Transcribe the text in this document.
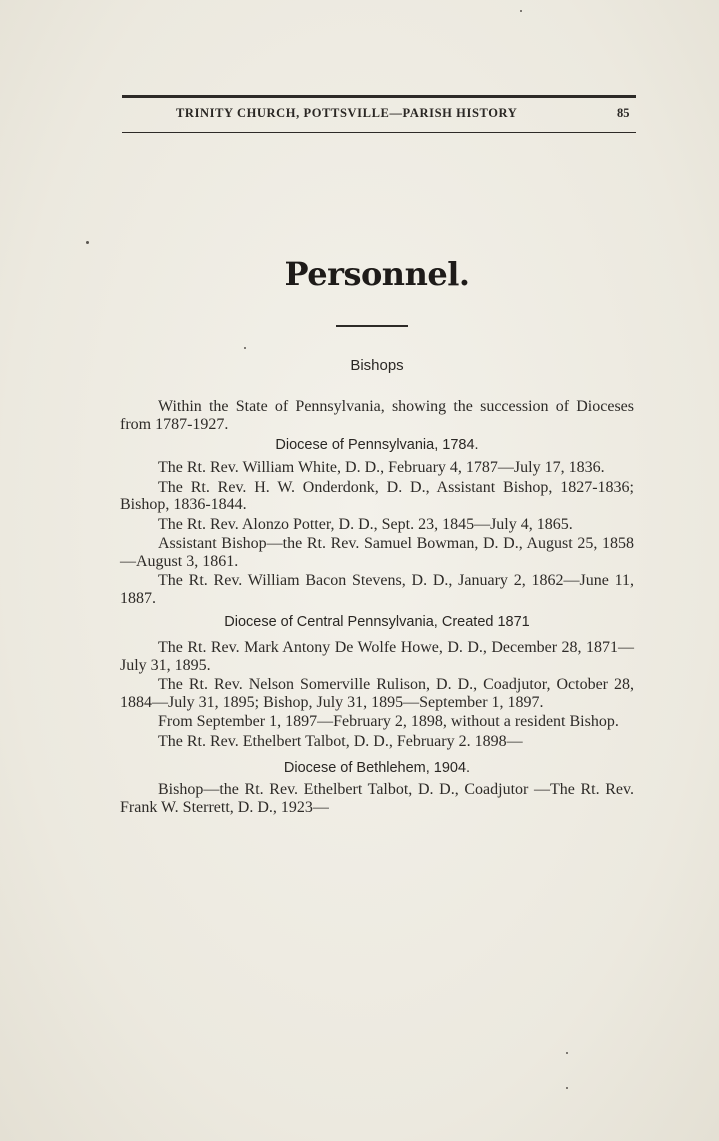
TRINITY CHURCH, POTTSVILLE—PARISH HISTORY	85
Personnel.
Bishops

Within the State of Pennsylvania, showing the succession of Dioceses from 1787-1927.

Diocese of Pennsylvania, 1784.

The Rt. Rev. William White, D. D., February 4, 1787—July 17, 1836.

The Rt. Rev. H. W. Onderdonk, D. D., Assistant Bishop, 1827-1836; Bishop, 1836-1844.

The Rt. Rev. Alonzo Potter, D. D., Sept. 23, 1845—July 4, 1865.

Assistant Bishop—the Rt. Rev. Samuel Bowman, D. D., August 25, 1858—August 3, 1861.

The Rt. Rev. William Bacon Stevens, D. D., January 2, 1862—June 11, 1887.

Diocese of Central Pennsylvania, Created 1871

The Rt. Rev. Mark Antony De Wolfe Howe, D. D., December 28, 1871—July 31, 1895.

The Rt. Rev. Nelson Somerville Rulison, D. D., Coadjutor, October 28, 1884—July 31, 1895; Bishop, July 31, 1895—September 1, 1897.

From September 1, 1897—February 2, 1898, without a resident Bishop.

The Rt. Rev. Ethelbert Talbot, D. D., February 2. 1898—

Diocese of Bethlehem, 1904.

Bishop—the Rt. Rev. Ethelbert Talbot, D. D., Coadjutor —The Rt. Rev. Frank W. Sterrett, D. D., 1923—
